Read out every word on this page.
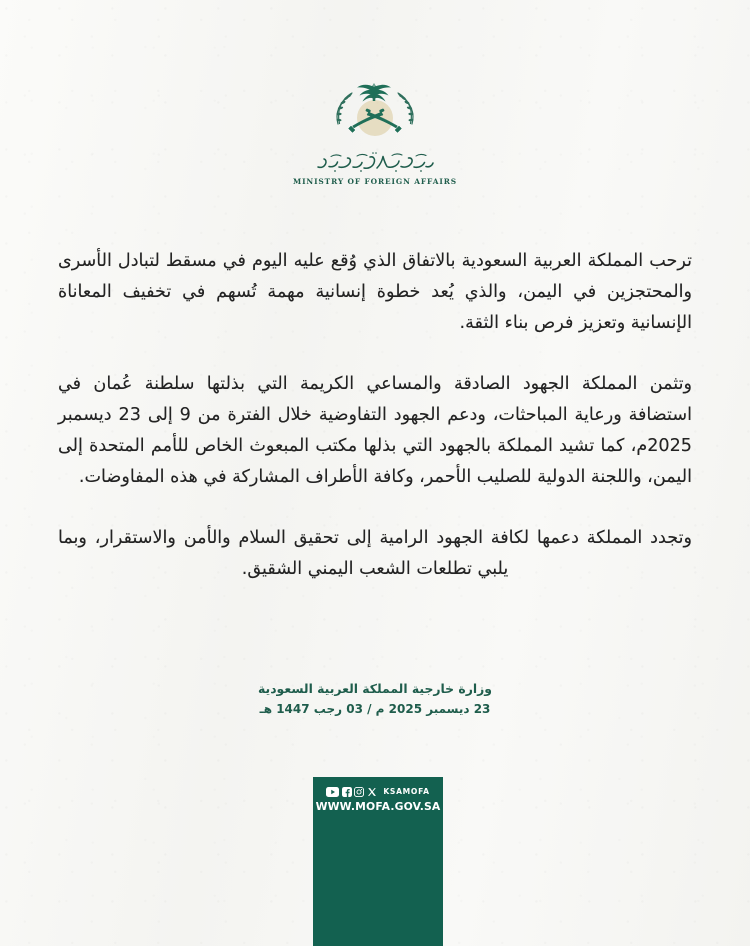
MINISTRY OF FOREIGN AFFAIRS

ترحب المملكة العربية السعودية بالاتفاق الذي وُقع عليه اليوم في مسقط لتبادل الأسرى والمحتجزين في اليمن، والذي يُعد خطوة إنسانية مهمة تُسهم في تخفيف المعاناة الإنسانية وتعزيز فرص بناء الثقة.

وتثمن المملكة الجهود الصادقة والمساعي الكريمة التي بذلتها سلطنة عُمان في استضافة ورعاية المباحثات، ودعم الجهود التفاوضية خلال الفترة من 9 إلى 23 ديسمبر 2025م، كما تشيد المملكة بالجهود التي بذلها مكتب المبعوث الخاص للأمم المتحدة إلى اليمن، واللجنة الدولية للصليب الأحمر، وكافة الأطراف المشاركة في هذه المفاوضات.

وتجدد المملكة دعمها لكافة الجهود الرامية إلى تحقيق السلام والأمن والاستقرار، وبما يلبي تطلعات الشعب اليمني الشقيق.

وزارة خارجية المملكة العربية السعودية
23 ديسمبر 2025 م / 03 رجب 1447 هـ
KSAMOFA
WWW.MOFA.GOV.SA
